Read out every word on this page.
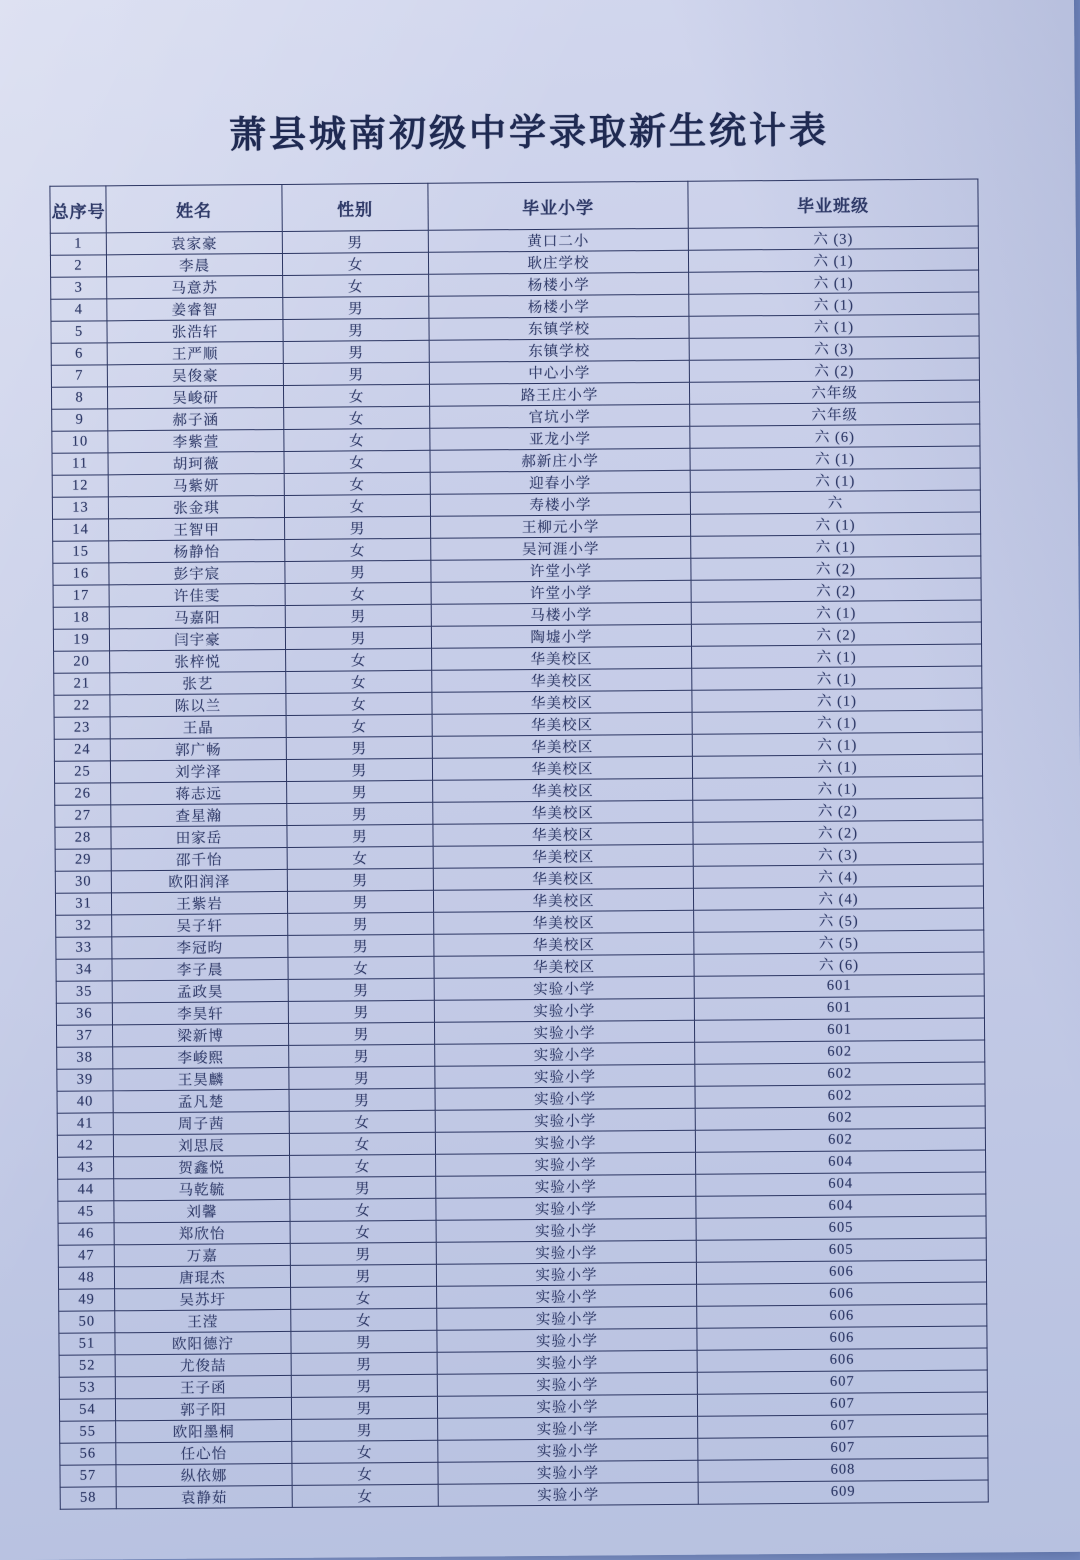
萧县城南初级中学录取新生统计表
总序号	姓名	性别	毕业小学	毕业班级
1	袁家豪	男	黄口二小	六 (3)
2	李晨	女	耿庄学校	六 (1)
3	马意苏	女	杨楼小学	六 (1)
4	姜睿智	男	杨楼小学	六 (1)
5	张浩轩	男	东镇学校	六 (1)
6	王严顺	男	东镇学校	六 (3)
7	吴俊豪	男	中心小学	六 (2)
8	吴峻研	女	路王庄小学	六年级
9	郝子涵	女	官坑小学	六年级
10	李紫萱	女	亚龙小学	六 (6)
11	胡珂薇	女	郝新庄小学	六 (1)
12	马紫妍	女	迎春小学	六 (1)
13	张金琪	女	寿楼小学	六
14	王智甲	男	王柳元小学	六 (1)
15	杨静怡	女	吴河涯小学	六 (1)
16	彭宇宸	男	许堂小学	六 (2)
17	许佳雯	女	许堂小学	六 (2)
18	马嘉阳	男	马楼小学	六 (1)
19	闫宇豪	男	陶墟小学	六 (2)
20	张梓悦	女	华美校区	六 (1)
21	张艺	女	华美校区	六 (1)
22	陈以兰	女	华美校区	六 (1)
23	王晶	女	华美校区	六 (1)
24	郭广畅	男	华美校区	六 (1)
25	刘学泽	男	华美校区	六 (1)
26	蒋志远	男	华美校区	六 (1)
27	查星瀚	男	华美校区	六 (2)
28	田家岳	男	华美校区	六 (2)
29	邵千怡	女	华美校区	六 (3)
30	欧阳润泽	男	华美校区	六 (4)
31	王紫岩	男	华美校区	六 (4)
32	吴子轩	男	华美校区	六 (5)
33	李冠昀	男	华美校区	六 (5)
34	李子晨	女	华美校区	六 (6)
35	孟政昊	男	实验小学	601
36	李昊轩	男	实验小学	601
37	梁新博	男	实验小学	601
38	李峻熙	男	实验小学	602
39	王昊麟	男	实验小学	602
40	孟凡楚	男	实验小学	602
41	周子茜	女	实验小学	602
42	刘思辰	女	实验小学	602
43	贺鑫悦	女	实验小学	604
44	马乾毓	男	实验小学	604
45	刘馨	女	实验小学	604
46	郑欣怡	女	实验小学	605
47	万嘉	男	实验小学	605
48	唐琨杰	男	实验小学	606
49	吴苏圩	女	实验小学	606
50	王滢	女	实验小学	606
51	欧阳德泞	男	实验小学	606
52	尤俊喆	男	实验小学	606
53	王子函	男	实验小学	607
54	郭子阳	男	实验小学	607
55	欧阳墨桐	男	实验小学	607
56	任心怡	女	实验小学	607
57	纵依娜	女	实验小学	608
58	袁静茹	女	实验小学	609
